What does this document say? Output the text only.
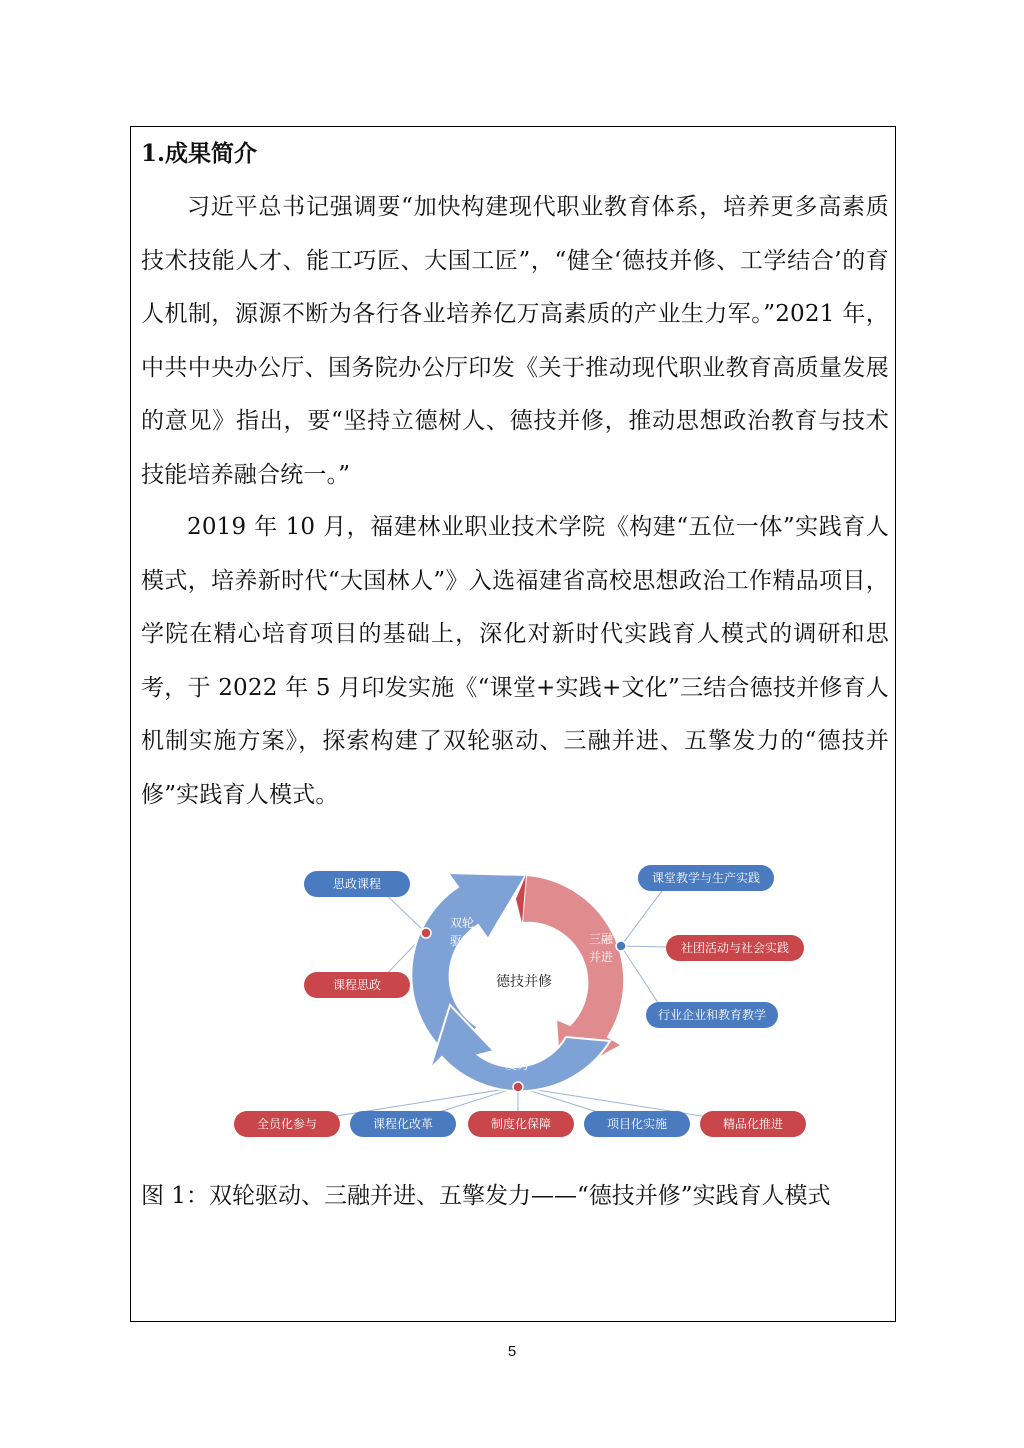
1.成果简介

习近平总书记强调要“加快构建现代职业教育体系，培养更多高素质技术技能人才、能工巧匠、大国工匠”，“健全‘德技并修、工学结合’的育人机制，源源不断为各行各业培养亿万高素质的产业生力军。”2021 年，中共中央办公厅、国务院办公厅印发《关于推动现代职业教育高质量发展的意见》指出，要“坚持立德树人、德技并修，推动思想政治教育与技术技能培养融合统一。”

2019 年 10 月，福建林业职业技术学院《构建“五位一体”实践育人模式，培养新时代“大国林人”》入选福建省高校思想政治工作精品项目，学院在精心培育项目的基础上，深化对新时代实践育人模式的调研和思考，于 2022 年 5 月印发实施《“课堂+实践+文化”三结合德技并修育人机制实施方案》，探索构建了双轮驱动、三融并进、五擎发力的“德技并修”实践育人模式。

德技并修
双轮
驱动	三融
并进
五擎
发力
思政课程
课程思政
课堂教学与生产实践
社团活动与社会实践
行业企业和教育教学
全员化参与	课程化改革	制度化保障	项目化实施	精品化推进
图 1：双轮驱动、三融并进、五擎发力——“德技并修”实践育人模式
5
